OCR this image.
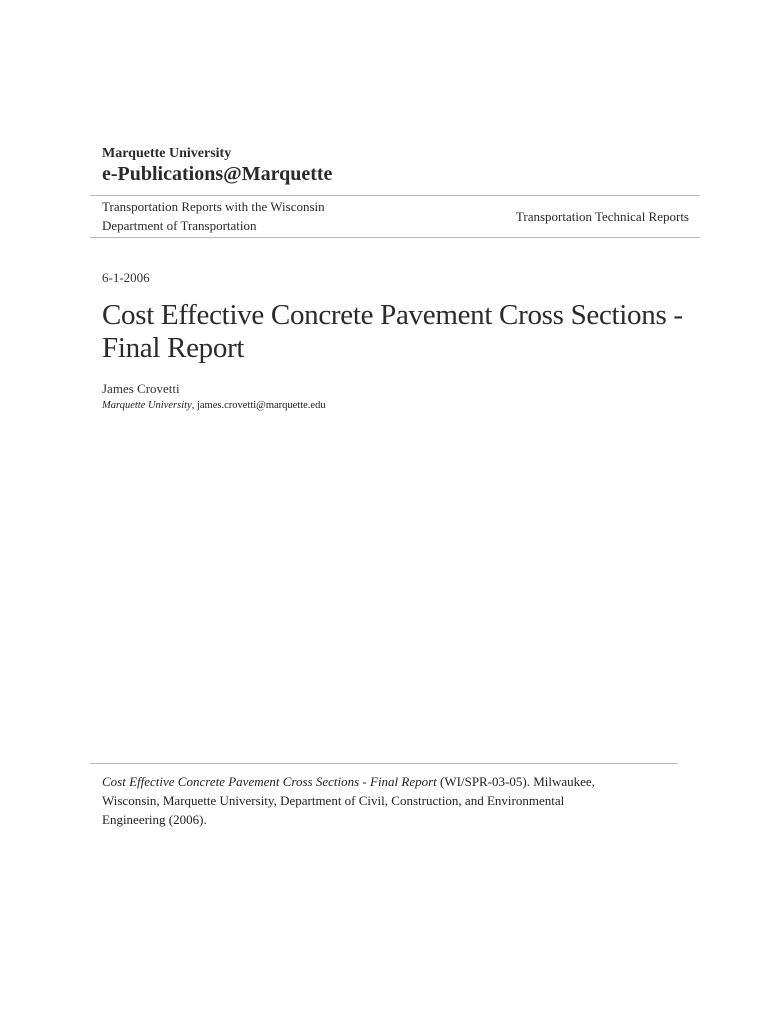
Marquette University
e-Publications@Marquette
Transportation Reports with the Wisconsin
Department of Transportation
Transportation Technical Reports
6-1-2006
Cost Effective Concrete Pavement Cross Sections -
Final Report
James Crovetti
Marquette University, james.crovetti@marquette.edu
Cost Effective Concrete Pavement Cross Sections - Final Report (WI/SPR-03-05). Milwaukee,
Wisconsin, Marquette University, Department of Civil, Construction, and Environmental
Engineering (2006).
